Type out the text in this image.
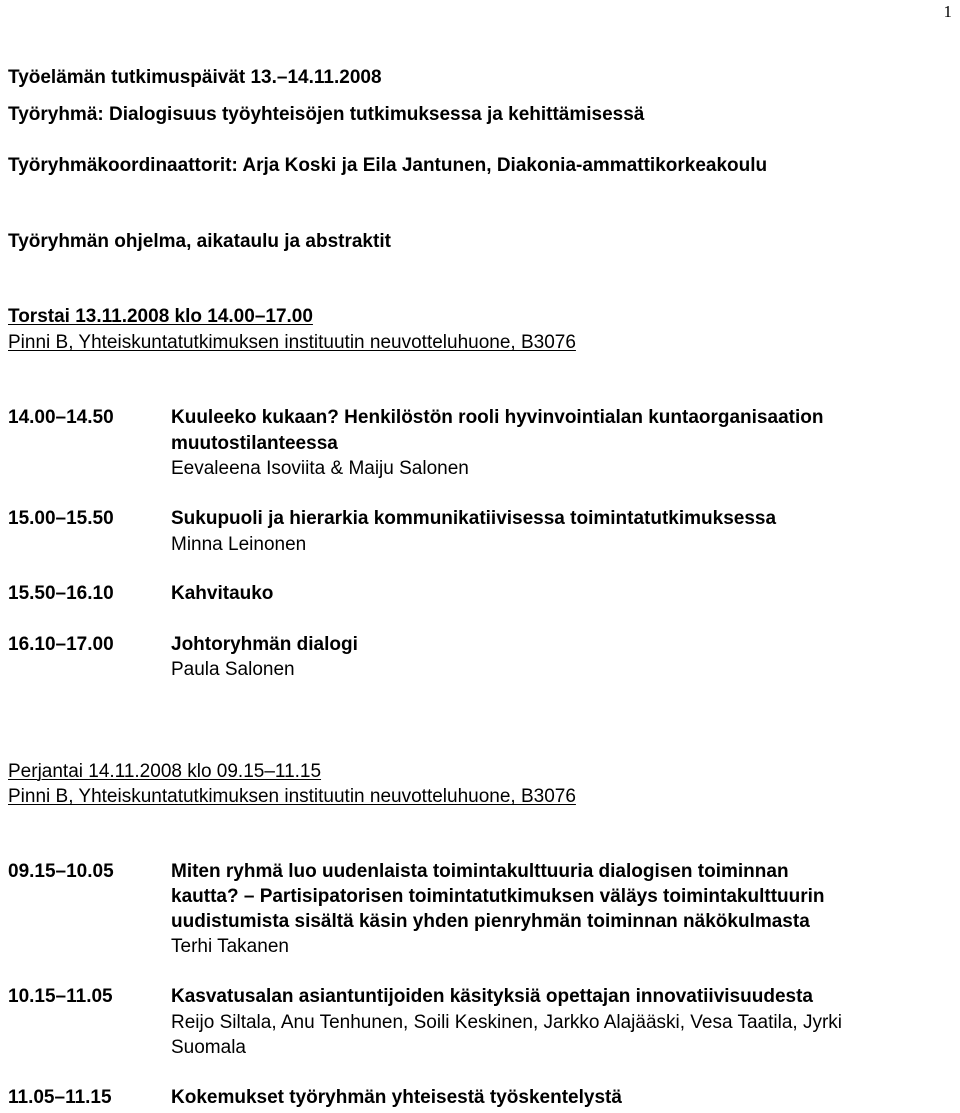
1
Työelämän tutkimuspäivät 13.–14.11.2008
Työryhmä: Dialogisuus työyhteisöjen tutkimuksessa ja kehittämisessä
Työryhmäkoordinaattorit: Arja Koski ja Eila Jantunen, Diakonia-ammattikorkeakoulu
Työryhmän ohjelma, aikataulu ja abstraktit
Torstai 13.11.2008 klo 14.00–17.00
Pinni B, Yhteiskuntatutkimuksen instituutin neuvotteluhuone, B3076
14.00–14.50	Kuuleeko kukaan? Henkilöstön rooli hyvinvointialan kuntaorganisaation
muutostilanteessa
Eevaleena Isoviita & Maiju Salonen
15.00–15.50	Sukupuoli ja hierarkia kommunikatiivisessa toimintatutkimuksessa
Minna Leinonen
15.50–16.10	Kahvitauko
16.10–17.00	Johtoryhmän dialogi
Paula Salonen
Perjantai 14.11.2008 klo 09.15–11.15
Pinni B, Yhteiskuntatutkimuksen instituutin neuvotteluhuone, B3076
09.15–10.05	Miten ryhmä luo uudenlaista toimintakulttuuria dialogisen toiminnan
kautta? – Partisipatorisen toimintatutkimuksen väläys toimintakulttuurin
uudistumista sisältä käsin yhden pienryhmän toiminnan näkökulmasta
Terhi Takanen
10.15–11.05	Kasvatusalan asiantuntijoiden käsityksiä opettajan innovatiivisuudesta
Reijo Siltala, Anu Tenhunen, Soili Keskinen, Jarkko Alajääski, Vesa Taatila, Jyrki
Suomala
11.05–11.15	Kokemukset työryhmän yhteisestä työskentelystä
